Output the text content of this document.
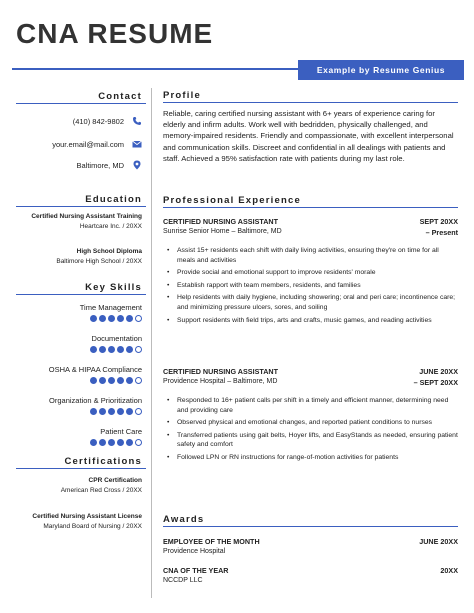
CNA RESUME
Example by Resume Genius
Contact
(410) 842-9802
your.email@mail.com
Baltimore, MD
Education
Certified Nursing Assistant Training
Heartcare Inc. / 20XX
High School Diploma
Baltimore High School / 20XX
Key Skills
Time Management
Documentation
OSHA & HIPAA Compliance
Organization & Prioritization
Patient Care
Certifications
CPR Certification
American Red Cross / 20XX
Certified Nursing Assistant License
Maryland Board of Nursing / 20XX
Profile
Reliable, caring certified nursing assistant with 6+ years of experience caring for elderly and infirm adults. Work well with bedridden, physically challenged, and memory-impaired residents. Friendly and compassionate, with excellent interpersonal and communication skills. Discreet and confidential in all dealings with patients and staff. Achieved a 95% satisfaction rate with patients during my last role.
Professional Experience
CERTIFIED NURSING ASSISTANT	SEPT 20XX
Sunrise Senior Home – Baltimore, MD	– Present
• Assist 15+ residents each shift with daily living activities, ensuring they're on time for all meals and activities
• Provide social and emotional support to improve residents' morale
• Establish rapport with team members, residents, and families
• Help residents with daily hygiene, including showering; oral and peri care; incontinence care; and minimizing pressure ulcers, sores, and soiling
• Support residents with field trips, arts and crafts, music games, and reading activities
CERTIFIED NURSING ASSISTANT	JUNE 20XX
Providence Hospital – Baltimore, MD	– SEPT 20XX
• Responded to 16+ patient calls per shift in a timely and efficient manner, determining need and providing care
• Observed physical and emotional changes, and reported patient conditions to nurses
• Transferred patients using gait belts, Hoyer lifts, and EasyStands as needed, ensuring patient safety and comfort
• Followed LPN or RN instructions for range-of-motion activities for patients
Awards
EMPLOYEE OF THE MONTH	JUNE 20XX
Providence Hospital
CNA OF THE YEAR	20XX
NCCDP LLC
